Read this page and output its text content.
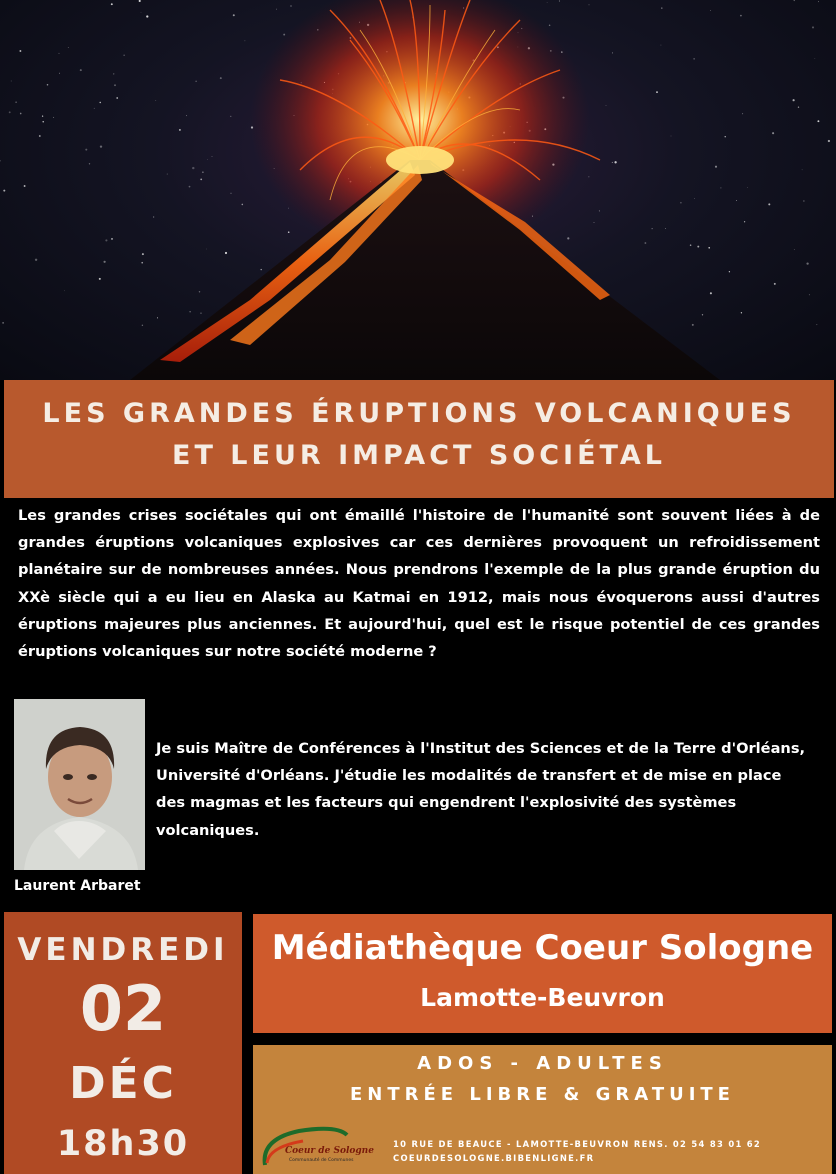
LES GRANDES ÉRUPTIONS VOLCANIQUES
ET LEUR IMPACT SOCIÉTAL

Les grandes crises sociétales qui ont émaillé l'histoire de l'humanité sont souvent liées à de grandes éruptions volcaniques explosives car ces dernières provoquent un refroidissement planétaire sur de nombreuses années. Nous prendrons l'exemple de la plus grande éruption du XXè siècle qui a eu lieu en Alaska au Katmai en 1912, mais nous évoquerons aussi d'autres éruptions majeures plus anciennes. Et aujourd'hui, quel est le risque potentiel de ces grandes éruptions volcaniques sur notre société moderne ?

Laurent Arbaret

Je suis Maître de Conférences à l'Institut des Sciences et de la Terre d'Orléans, Université d'Orléans. J'étudie les modalités de transfert et de mise en place des magmas et les facteurs qui engendrent l'explosivité des systèmes volcaniques.

VENDREDI
02
DÉC
18h30
Médiathèque Coeur Sologne
Lamotte-Beuvron
ADOS - ADULTES
ENTRÉE LIBRE & GRATUITE
Coeur de Sologne
Communauté de Communes
10 RUE DE BEAUCE - LAMOTTE-BEUVRON RENS. 02 54 83 01 62
COEURDESOLOGNE.BIBENLIGNE.FR
